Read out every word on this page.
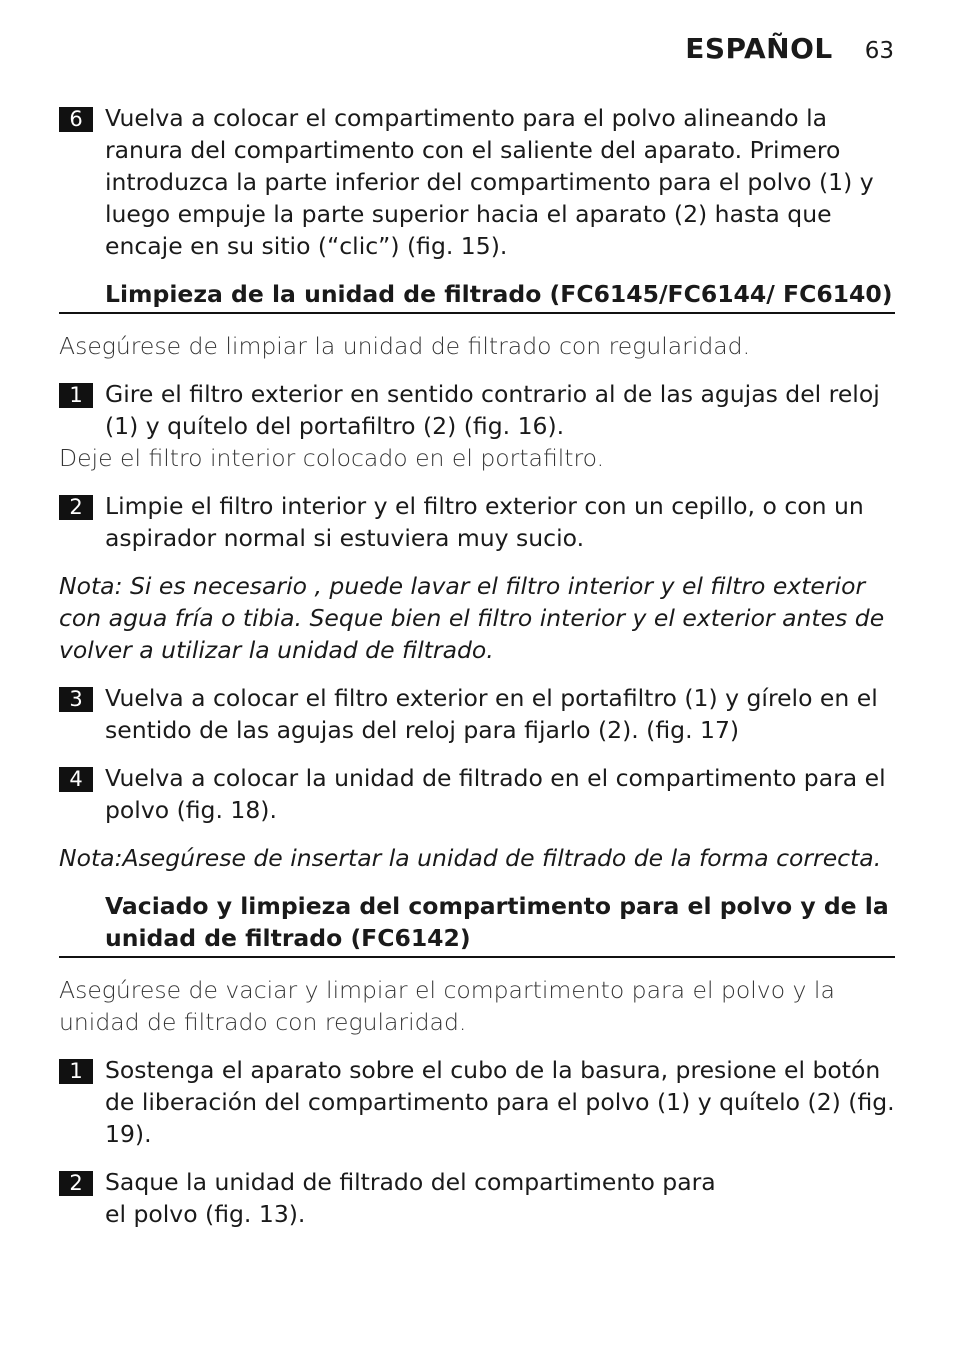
ESPAÑOL 63
6 Vuelva a colocar el compartimento para el polvo alineando la ranura del compartimento con el saliente del aparato. Primero introduzca la parte inferior del compartimento para el polvo (1) y luego empuje la parte superior hacia el aparato (2) hasta que encaje en su sitio (“clic”) (fig. 15).
Limpieza de la unidad de filtrado (FC6145/FC6144/ FC6140)
Asegúrese de limpiar la unidad de filtrado con regularidad.
1 Gire el filtro exterior en sentido contrario al de las agujas del reloj (1) y quítelo del portafiltro (2) (fig. 16).
Deje el filtro interior colocado en el portafiltro.
2 Limpie el filtro interior y el filtro exterior con un cepillo, o con un aspirador normal si estuviera muy sucio.
Nota: Si es necesario , puede lavar el filtro interior y el filtro exterior con agua fría o tibia. Seque bien el filtro interior y el exterior antes de volver a utilizar la unidad de filtrado.
3 Vuelva a colocar el filtro exterior en el portafiltro (1) y gírelo en el sentido de las agujas del reloj para fijarlo (2). (fig. 17)
4 Vuelva a colocar la unidad de filtrado en el compartimento para el polvo (fig. 18).
Nota:Asegúrese de insertar la unidad de filtrado de la forma correcta.
Vaciado y limpieza del compartimento para el polvo y de la unidad de filtrado (FC6142)
Asegúrese de vaciar y limpiar el compartimento para el polvo y la unidad de filtrado con regularidad.
1 Sostenga el aparato sobre el cubo de la basura, presione el botón de liberación del compartimento para el polvo (1) y quítelo (2) (fig. 19).
2 Saque la unidad de filtrado del compartimento para el polvo (fig. 13).
